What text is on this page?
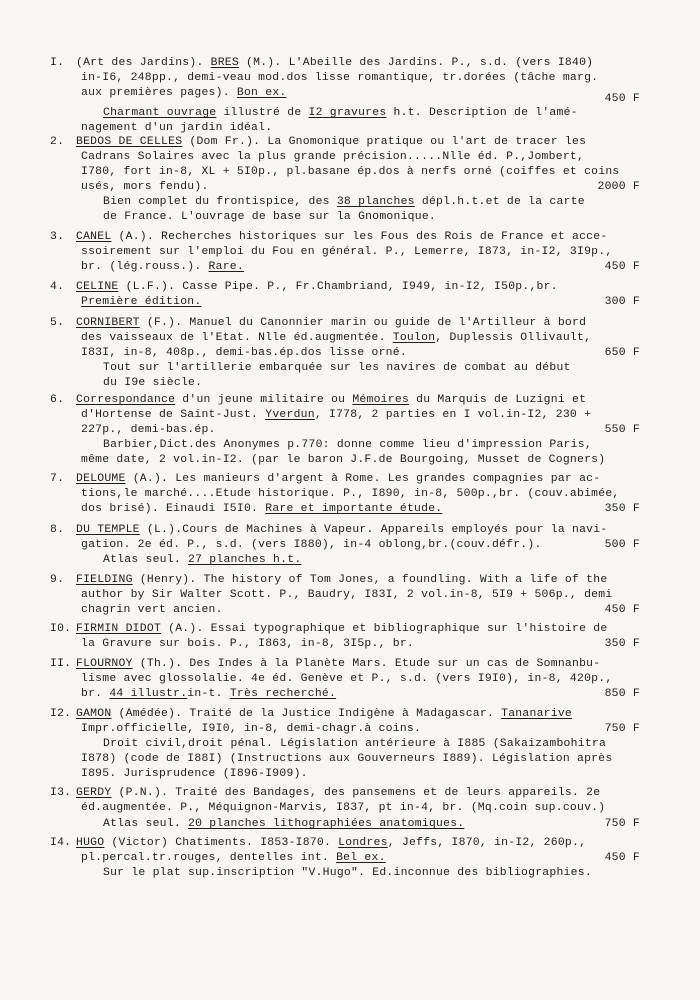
I. (Art des Jardins). BRES (M.). L'Abeille des Jardins. P., s.d. (vers I840)
in-I6, 248pp., demi-veau mod.dos lisse romantique, tr.dorées (tâche marg.
aux premières pages). Bon ex.	450 F
Charmant ouvrage illustré de I2 gravures h.t. Description de l'amé-
nagement d'un jardin idéal.
2. BEDOS DE CELLES (Dom Fr.). La Gnomonique pratique ou l'art de tracer les
Cadrans Solaires avec la plus grande précision.....Nlle éd. P.,Jombert,
I780, fort in-8, XL + 5I0p., pl.basane ép.dos à nerfs orné (coiffes et coins
usés, mors fendu).	2000 F
Bien complet du frontispice, des 38 planches dépl.h.t.et de la carte
de France. L'ouvrage de base sur la Gnomonique.
3. CANEL (A.). Recherches historiques sur les Fous des Rois de France et acce-
ssoirement sur l'emploi du Fou en général. P., Lemerre, I873, in-I2, 3I9p.,
br. (lég.rouss.). Rare.	450 F
4. CELINE (L.F.). Casse Pipe. P., Fr.Chambriand, I949, in-I2, I50p.,br.
Première édition.	300 F
5. CORNIBERT (F.). Manuel du Canonnier marin ou guide de l'Artilleur à bord
des vaisseaux de l'Etat. Nlle éd.augmentée. Toulon, Duplessis Ollivault,
I83I, in-8, 408p., demi-bas.ép.dos lisse orné.	650 F
Tout sur l'artillerie embarquée sur les navires de combat au début
du I9e siècle.
6. Correspondance d'un jeune militaire ou Mémoires du Marquis de Luzigni et
d'Hortense de Saint-Just. Yverdun, I778, 2 parties en I vol.in-I2, 230 +
227p., demi-bas.ép.	550 F
Barbier,Dict.des Anonymes p.770: donne comme lieu d'impression Paris,
même date, 2 vol.in-I2. (par le baron J.F.de Bourgoing, Musset de Cogners)
7. DELOUME (A.). Les manieurs d'argent à Rome. Les grandes compagnies par ac-
tions,le marché....Etude historique. P., I890, in-8, 500p.,br. (couv.abimée,
dos brisé). Einaudi I5I0. Rare et importante étude.	350 F
8. DU TEMPLE (L.).Cours de Machines à Vapeur. Appareils employés pour la navi-
gation. 2e éd. P., s.d. (vers I880), in-4 oblong,br.(couv.défr.).	500 F
Atlas seul. 27 planches h.t.
9. FIELDING (Henry). The history of Tom Jones, a foundling. With a life of the
author by Sir Walter Scott. P., Baudry, I83I, 2 vol.in-8, 5I9 + 506p., demi
chagrin vert ancien.	450 F
I0. FIRMIN DIDOT (A.). Essai typographique et bibliographique sur l'histoire de
la Gravure sur bois. P., I863, in-8, 3I5p., br.	350 F
II. FLOURNOY (Th.). Des Indes à la Planète Mars. Etude sur un cas de Somnanbu-
lisme avec glossolalie. 4e éd. Genève et P., s.d. (vers I9I0), in-8, 420p.,
br. 44 illustr.in-t. Très recherché.	850 F
I2. GAMON (Amédée). Traité de la Justice Indigène à Madagascar. Tananarive
Impr.officielle, I9I0, in-8, demi-chagr.à coins.	750 F
Droit civil,droit pénal. Législation antérieure à I885 (Sakaizambohitra
I878) (code de I88I) (Instructions aux Gouverneurs I889). Législation après
I895. Jurisprudence (I896-I909).
I3. GERDY (P.N.). Traité des Bandages, des pansemens et de leurs appareils. 2e
éd.augmentée. P., Méquignon-Marvis, I837, pt in-4, br. (Mq.coin sup.couv.)
Atlas seul. 20 planches lithographiées anatomiques.	750 F
I4. HUGO (Victor) Chatiments. I853-I870. Londres, Jeffs, I870, in-I2, 260p.,
pl.percal.tr.rouges, dentelles int. Bel ex.	450 F
Sur le plat sup.inscription "V.Hugo". Ed.inconnue des bibliographies.
